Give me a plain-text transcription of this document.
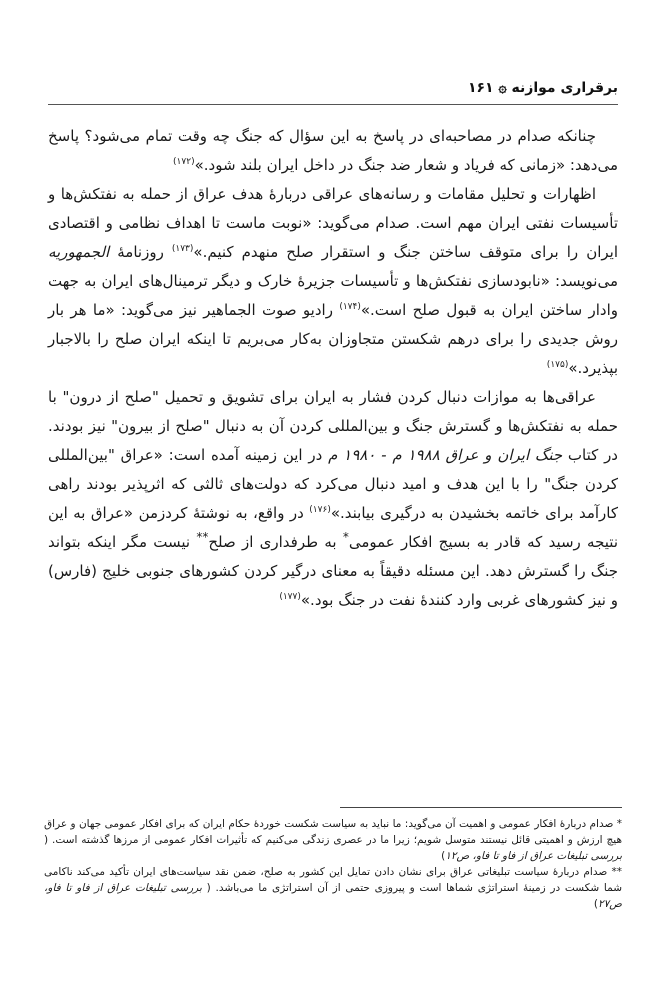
برقراری موازنه ۞ ۱۶۱

چنانکه صدام در مصاحبه‌ای در پاسخ به این سؤال که جنگ چه وقت تمام می‌شود؟ پاسخ می‌دهد: «زمانی که فریاد و شعار ضد جنگ در داخل ایران بلند شود.»$^{(۱۷۲)}$

اظهارات و تحلیل مقامات و رسانه‌های عراقی دربارهٔ هدف عراق از حمله به نفتکش‌ها و تأسیسات نفتی ایران مهم است. صدام می‌گوید: «نوبت ماست تا اهداف نظامی و اقتصادی ایران را برای متوقف ساختن جنگ و استقرار صلح منهدم کنیم.»$^{(۱۷۳)}$ روزنامهٔ الجمهوریه می‌نویسد: «نابودسازی نفتکش‌ها و تأسیسات جزیرهٔ خارک و دیگر ترمینال‌های ایران به جهت وادار ساختن ایران به قبول صلح است.»$^{(۱۷۴)}$ رادیو صوت الجماهیر نیز می‌گوید: «ما هر بار روش جدیدی را برای درهم شکستن متجاوزان به‌کار می‌بریم تا اینکه ایران صلح را بالاجبار بپذیرد.»$^{(۱۷۵)}$

عراقی‌ها به موازات دنبال کردن فشار به ایران برای تشویق و تحمیل "صلح از درون" با حمله به نفتکش‌ها و گسترش جنگ و بین‌المللی کردن آن به دنبال "صلح از بیرون" نیز بودند. در کتاب جنگ ایران و عراق ۱۹۸۸ م - ۱۹۸۰ م در این زمینه آمده است: «عراق "بین‌المللی کردن جنگ" را با این هدف و امید دنبال می‌کرد که دولت‌های ثالثی که اثرپذیر بودند راهی کارآمد برای خاتمه بخشیدن به درگیری بیابند.»$^{(۱۷۶)}$ در واقع، به نوشتهٔ کردزمن «عراق به این نتیجه رسید که قادر به بسیج افکار عمومی* به طرفداری از صلح** نیست مگر اینکه بتواند جنگ را گسترش دهد. این مسئله دقیقاً به معنای درگیر کردن کشورهای جنوبی خلیج (فارس) و نیز کشورهای غربی وارد کنندهٔ نفت در جنگ بود.»$^{(۱۷۷)}$

* صدام دربارهٔ افکار عمومی و اهمیت آن می‌گوید: ما نباید به سیاست شکست خوردهٔ حکام ایران که برای افکار عمومی جهان و عراق هیچ ارزش و اهمیتی قائل نیستند متوسل شویم؛ زیرا ما در عصری زندگی می‌کنیم که تأثیرات افکار عمومی از مرزها گذشته است. ( بررسی تبلیغات عراق از فاو تا فاو، ص۱۲)

** صدام دربارهٔ سیاست تبلیغاتی عراق برای نشان دادن تمایل این کشور به صلح، ضمن نقد سیاست‌های ایران تأکید می‌کند ناکامی شما شکست در زمینهٔ استراتژی شماها است و پیروزی حتمی از آن استراتژی ما می‌باشد. ( بررسی تبلیغات عراق از فاو تا فاو، ص۲۷)
